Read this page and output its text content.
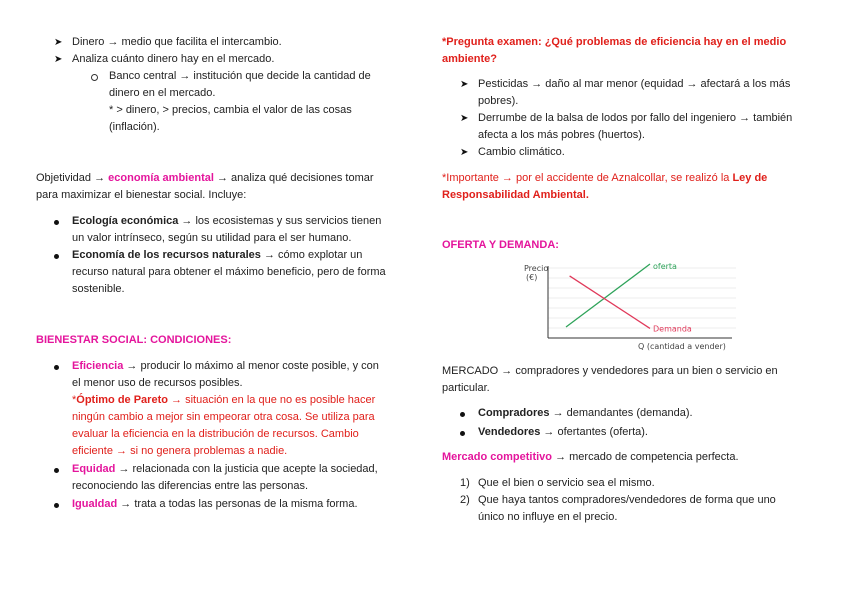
➤ Dinero → medio que facilita el intercambio.
➤ Analiza cuánto dinero hay en el mercado.
Banco central → institución que decide la cantidad de
dinero en el mercado.
* > dinero, > precios, cambia el valor de las cosas
(inflación).
Objetividad → economía ambiental → analiza qué decisiones tomar
para maximizar el bienestar social. Incluye:
Ecología económica → los ecosistemas y sus servicios tienen
un valor intrínseco, según su utilidad para el ser humano.
Economía de los recursos naturales → cómo explotar un
recurso natural para obtener el máximo beneficio, pero de forma
sostenible.
BIENESTAR SOCIAL: CONDICIONES:
Eficiencia → producir lo máximo al menor coste posible, y con
el menor uso de recursos posibles.
*Óptimo de Pareto → situación en la que no es posible hacer
ningún cambio a mejor sin empeorar otra cosa. Se utiliza para
evaluar la eficiencia en la distribución de recursos. Cambio
eficiente → si no genera problemas a nadie.
Equidad → relacionada con la justicia que acepte la sociedad,
reconociendo las diferencias entre las personas.
Igualdad → trata a todas las personas de la misma forma.
*Pregunta examen: ¿Qué problemas de eficiencia hay en el medio
ambiente?
➤ Pesticidas → daño al mar menor (equidad → afectará a los más
pobres).
➤ Derrumbe de la balsa de lodos por fallo del ingeniero → también
afecta a los más pobres (huertos).
➤ Cambio climático.
*Importante → por el accidente de Aznalcollar, se realizó la Ley de
Responsabilidad Ambiental.
OFERTA Y DEMANDA:
oferta
Demanda
Precio (€)
Q (cantidad a vender)
MERCADO → compradores y vendedores para un bien o servicio en
particular.
Compradores → demandantes (demanda).
Vendedores → ofertantes (oferta).
Mercado competitivo → mercado de competencia perfecta.
1) Que el bien o servicio sea el mismo.
2) Que haya tantos compradores/vendedores de forma que uno
único no influye en el precio.
